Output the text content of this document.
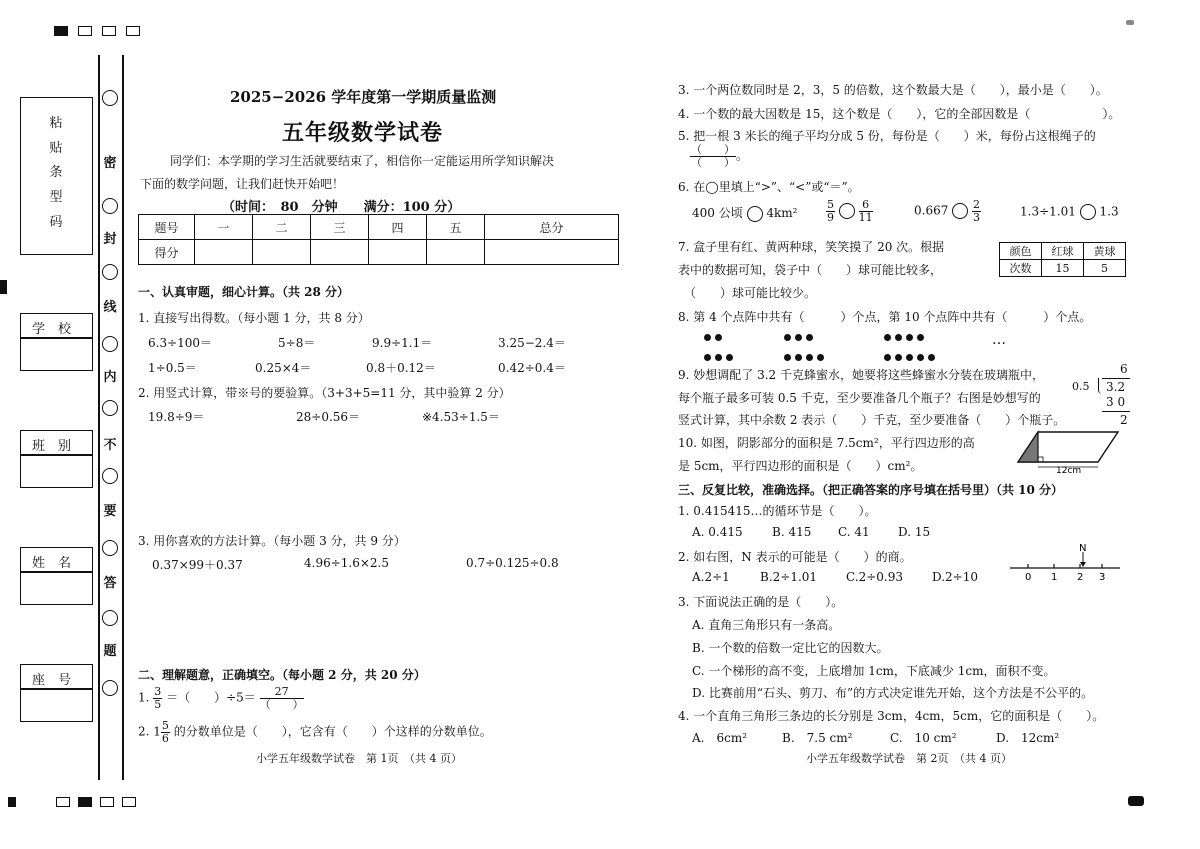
粘
贴
条
型
码
学　校
班　别
姓　名
座　号
密
封
线
内
不
要
答
题
2025−2026 学年度第一学期质量监测
五年级数学试卷
同学们：本学期的学习生活就要结束了，相信你一定能运用所学知识解决
下面的数学问题，让我们赶快开始吧！
（时间：　80　分钟　　满分：100 分）
题号	一	二	三	四	五	总分
得分						
一、认真审题，细心计算。（共 28 分）
1. 直接写出得数。（每小题 1 分，共 8 分）
6.3÷100＝	5÷8＝	9.9÷1.1＝	3.25−2.4＝
1÷0.5＝	0.25×4＝	0.8＋0.12＝	0.42÷0.4＝
2. 用竖式计算，带※号的要验算。（3+3+5=11 分，其中验算 2 分）
19.8÷9＝	28÷0.56＝	※4.53÷1.5＝
3. 用你喜欢的方法计算。（每小题 3 分，共 9 分）
0.37×99＋0.37	4.96÷1.6×2.5	0.7÷0.125÷0.8
二、理解题意，正确填空。（每小题 2 分，共 20 分）
1. $\frac{3}{5}$ ＝（　　）$\div 5= \frac{27}{( )}$
2. $1 \frac{5}{6}$ 的分数单位是（　　），它含有（　　）个这样的分数单位。
小学五年级数学试卷　第 1页　（共 4 页）
3. 一个两位数同时是 2，3，5 的倍数，这个数最大是（　　），最小是（　　）。
4. 一个数的最大因数是 15，这个数是（　　），它的全部因数是（　　　　　　）。
5. 把一根 3 米长的绳子平均分成 5 份，每份是（　　）米，每份占这根绳子的
$\frac{( )}{( )}$ 。
6. 在◯里填上“>”、“<”或“＝”。
400 公顷 4km²	$\frac{5}{9}$
$\frac{6}{11}$	$0.667 \frac{2}{3}$	1.3÷1.01 1.3
7. 盒子里有红、黄两种球，笑笑摸了 20 次。根据
表中的数据可知，袋子中（　　）球可能比较多，
（　　）球可能比较少。
颜色	红球	黄球
次数	15	5
8. 第 4 个点阵中共有（　　　）个点，第 10 个点阵中共有（　　　）个点。
…
9. 妙想调配了 3.2 千克蜂蜜水，她要将这些蜂蜜水分装在玻璃瓶中，
每个瓶子最多可装 0.5 千克，至少要准备几个瓶子？右图是妙想写的
竖式计算，其中余数 2 表示（　　）千克，至少要准备（　　）个瓶子。
6
0.5 3.2
3 0
2
10. 如图，阴影部分的面积是 7.5cm²，平行四边形的高
是 5cm，平行四边形的面积是（　　）cm²。	12cm
三、反复比较，准确选择。（把正确答案的序号填在括号里）（共 10 分）
1. 0.415415…的循环节是（　　）。
A. 0.415 B. 415 C. 41 D. 15
2. 如右图，N 表示的可能是（　　）的商。
A.2÷1	B.2÷1.01 C.2÷0.93 D.2÷10
N
0 1 2 3
3. 下面说法正确的是（　　）。
A. 直角三角形只有一条高。
B. 一个数的倍数一定比它的因数大。
C. 一个梯形的高不变，上底增加 1cm，下底减少 1cm，面积不变。
D. 比赛前用“石头、剪刀、布”的方式决定谁先开始，这个方法是不公平的。
4. 一个直角三角形三条边的长分别是 3cm，4cm，5cm，它的面积是（　　）。
A.　6cm²	B.　7.5 cm²	C.　10 cm²	D.　12cm²
小学五年级数学试卷　第 2页　（共 4 页）
